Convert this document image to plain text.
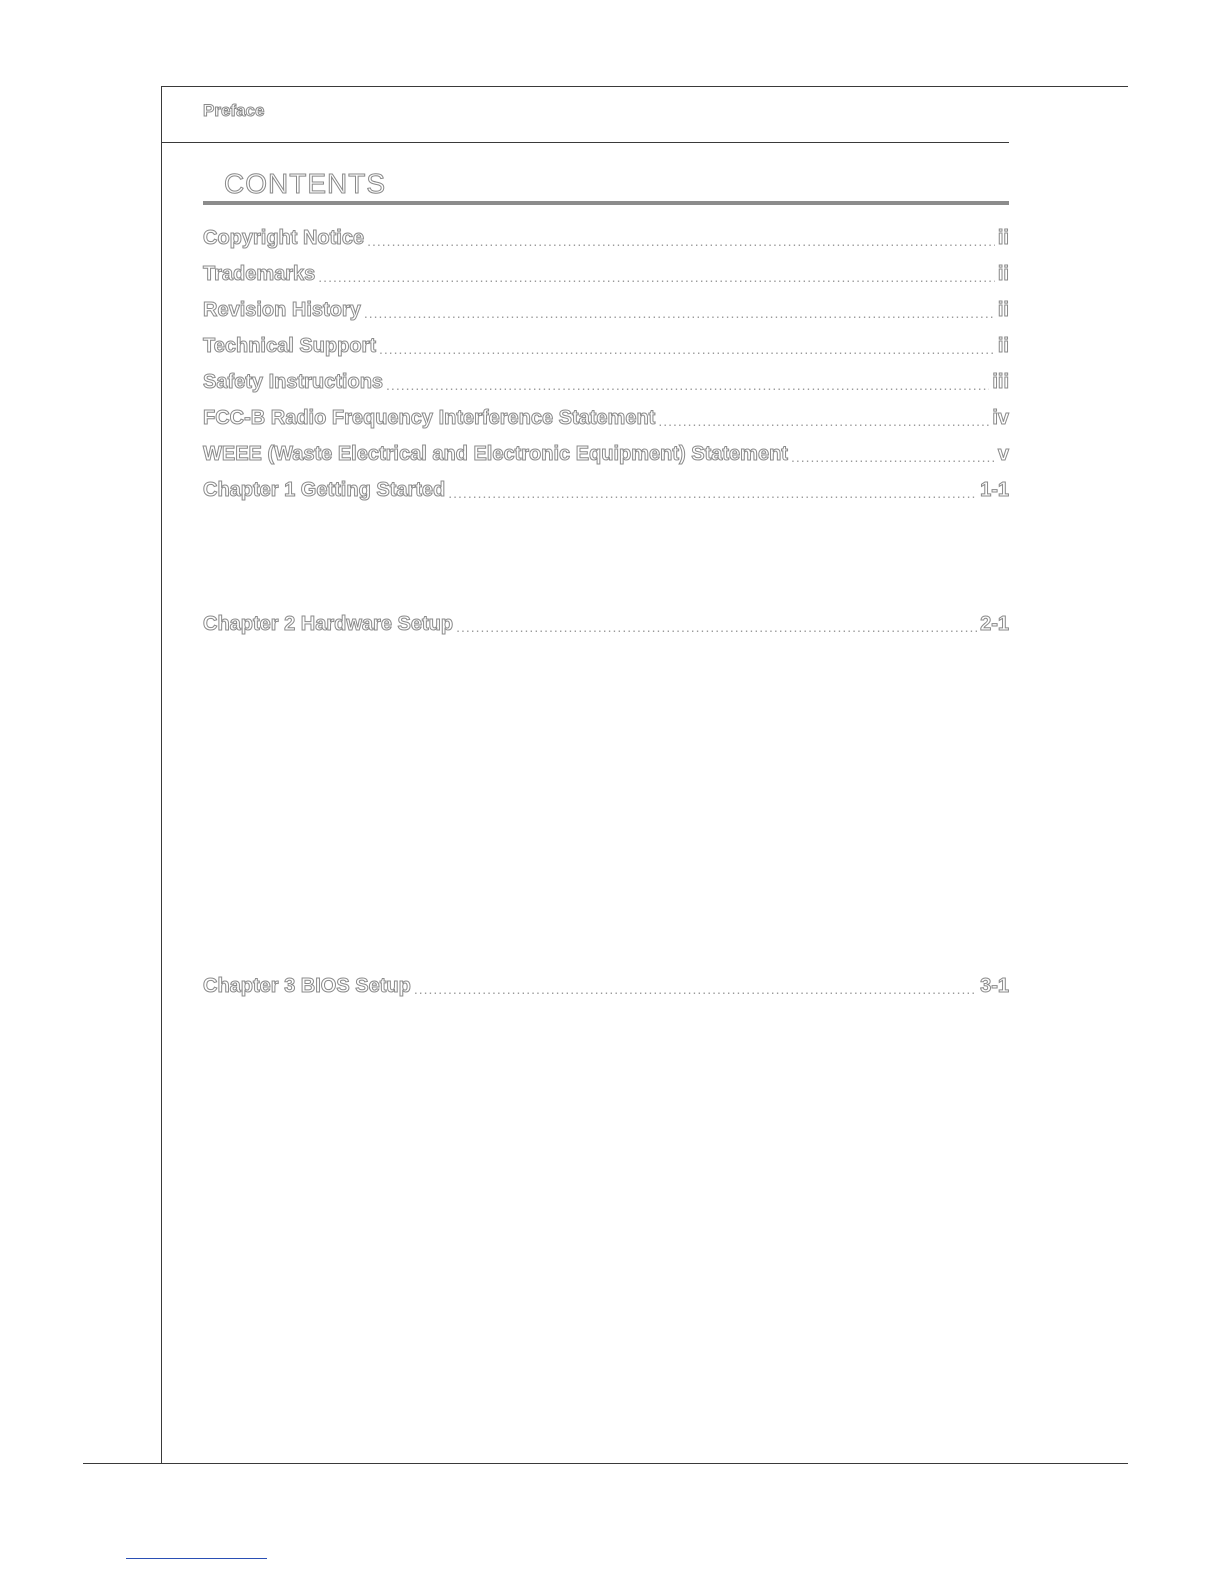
Preface
CONTENTS
Copyright Notice .....	ii
Trademarks .....	ii
Revision History .....	ii
Technical Support .....	ii
Safety Instructions .....	iii
FCC-B Radio Frequency Interference Statement .....	iv
WEEE (Waste Electrical and Electronic Equipment) Statement .....	v
Chapter 1 Getting Started .....	1-1
Chapter 2 Hardware Setup .....	2-1
Chapter 3 BIOS Setup .....	3-1
